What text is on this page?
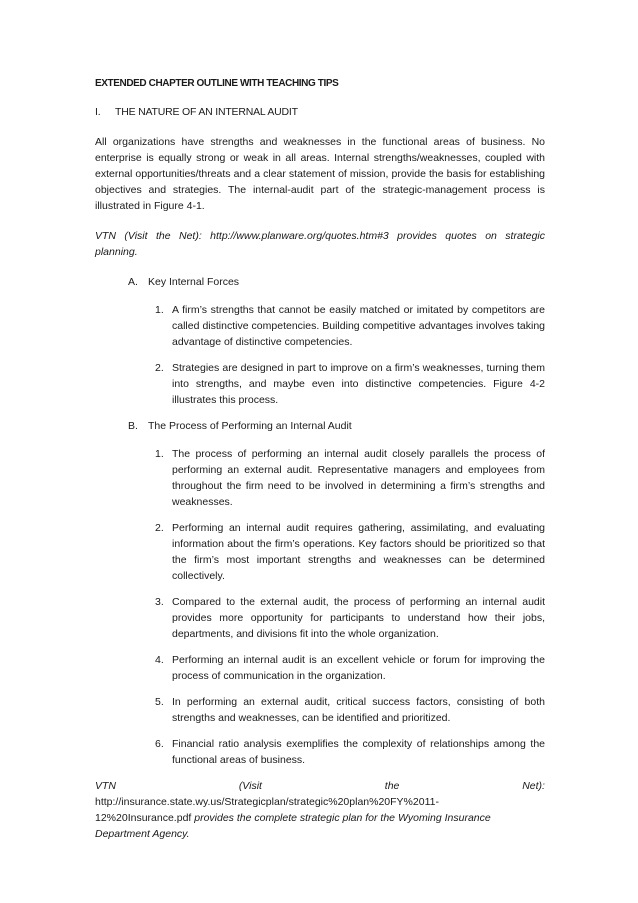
EXTENDED CHAPTER OUTLINE WITH TEACHING TIPS
I. THE NATURE OF AN INTERNAL AUDIT

All organizations have strengths and weaknesses in the functional areas of business. No enterprise is equally strong or weak in all areas. Internal strengths/weaknesses, coupled with external opportunities/threats and a clear statement of mission, provide the basis for establishing objectives and strategies. The internal-audit part of the strategic-management process is illustrated in Figure 4-1.

VTN (Visit the Net): http://www.planware.org/quotes.htm#3 provides quotes on strategic planning.

A. Key Internal Forces
1. A firm’s strengths that cannot be easily matched or imitated by competitors are called distinctive competencies. Building competitive advantages involves taking advantage of distinctive competencies.
2. Strategies are designed in part to improve on a firm’s weaknesses, turning them into strengths, and maybe even into distinctive competencies. Figure 4-2 illustrates this process.
B. The Process of Performing an Internal Audit
1. The process of performing an internal audit closely parallels the process of performing an external audit. Representative managers and employees from throughout the firm need to be involved in determining a firm’s strengths and weaknesses.
2. Performing an internal audit requires gathering, assimilating, and evaluating information about the firm’s operations. Key factors should be prioritized so that the firm’s most important strengths and weaknesses can be determined collectively.
3. Compared to the external audit, the process of performing an internal audit provides more opportunity for participants to understand how their jobs, departments, and divisions fit into the whole organization.
4. Performing an internal audit is an excellent vehicle or forum for improving the process of communication in the organization.
5. In performing an external audit, critical success factors, consisting of both strengths and weaknesses, can be identified and prioritized.
6. Financial ratio analysis exemplifies the complexity of relationships among the functional areas of business.
VTN	(Visit	the	Net):
http://insurance.state.wy.us/Strategicplan/strategic%20plan%20FY%2011-
12%20Insurance.pdf provides the complete strategic plan for the Wyoming Insurance Department Agency.
